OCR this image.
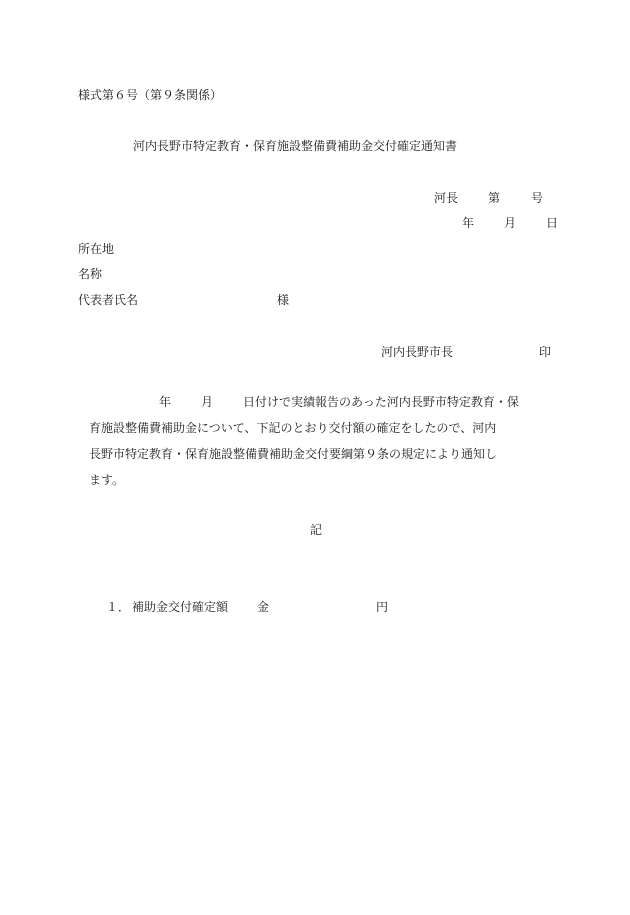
様式第６号（第９条関係）
河内長野市特定教育・保育施設整備費補助金交付確定通知書
河長	第	号
年	月	日
所在地
名称
代表者氏名	様
河内長野市長	印
年	月	日付けで実績報告のあった河内長野市特定教育・保
育施設整備費補助金について、下記のとおり交付額の確定をしたので、河内
長野市特定教育・保育施設整備費補助金交付要綱第９条の規定により通知し
ます。
記
１． 補助金交付確定額 金	円
